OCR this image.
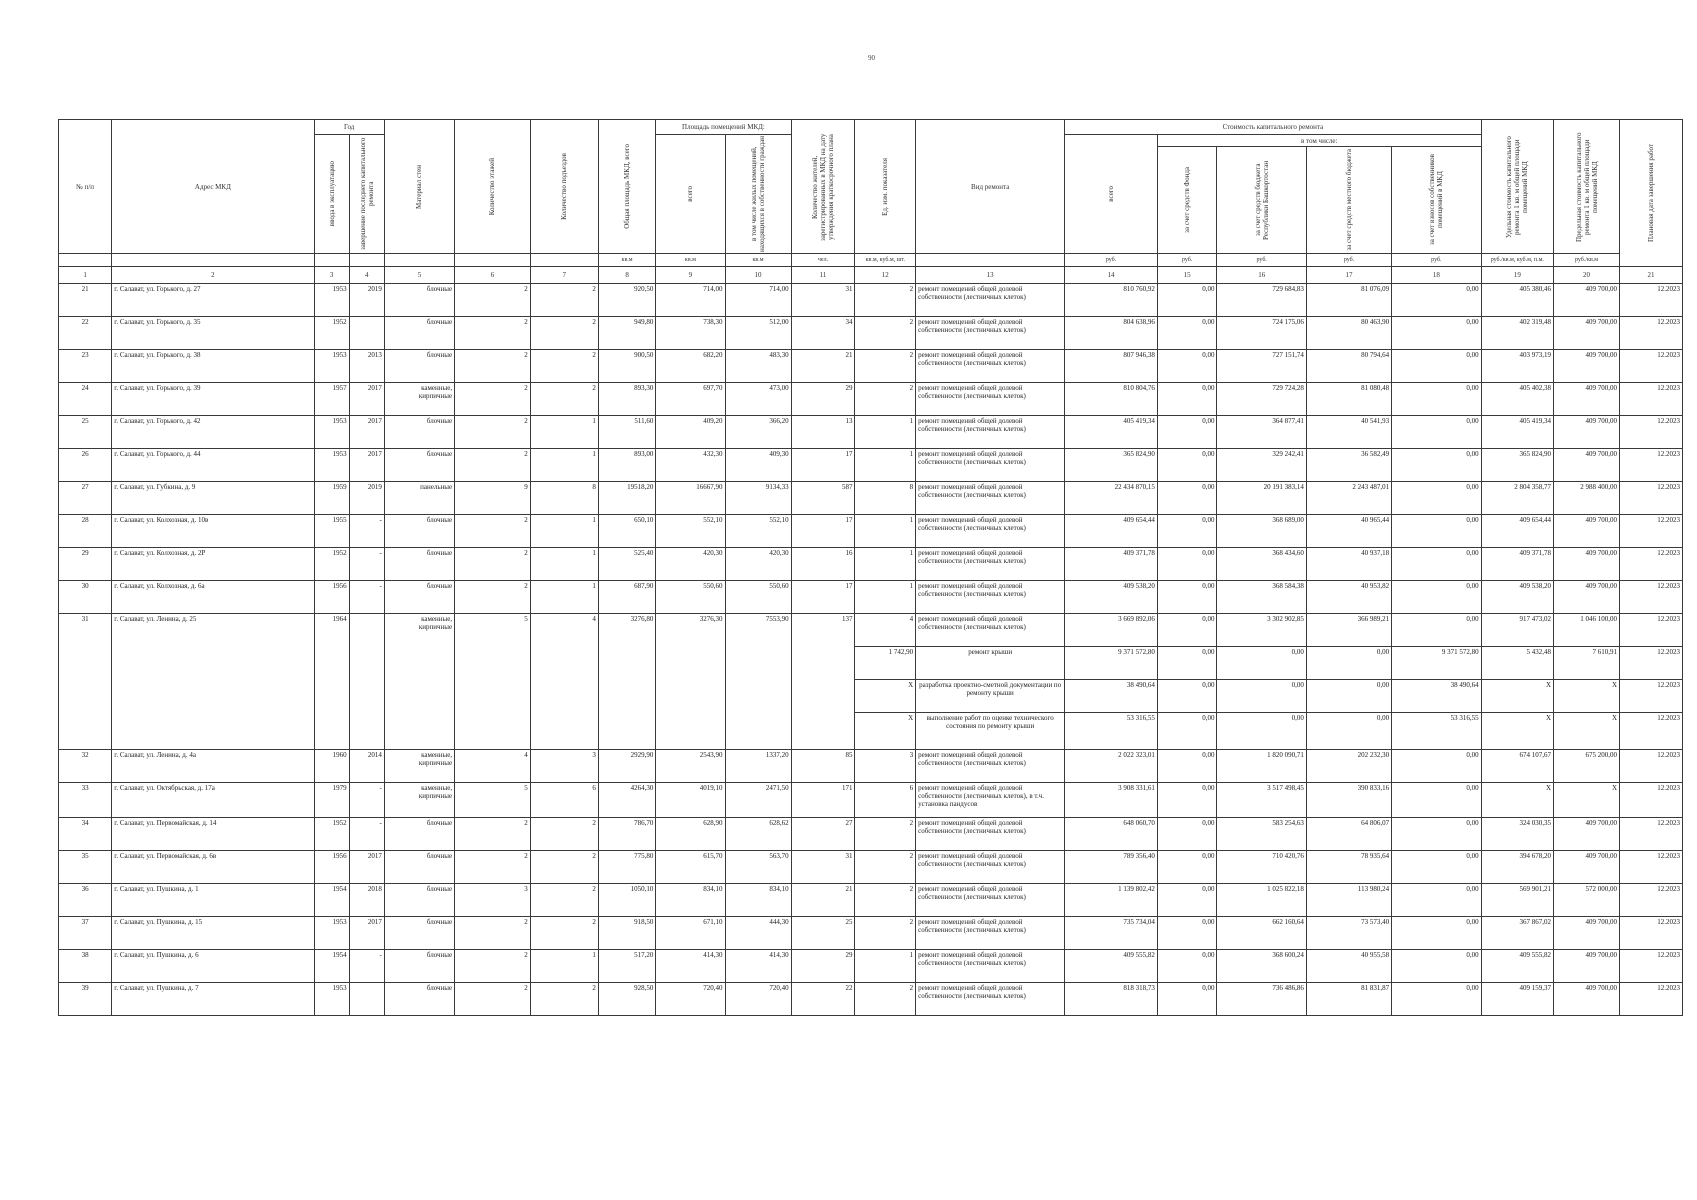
90
№ п/п	Адрес МКД	Год		Материал стен	Количество этажей	Количество подъездов	Общая площадь МКД, всего	Площадь помещений МКД:		Количество жителей, зарегистрированных в МКД на дату утверждения краткосрочного плана	Ед. изм. показателя	Вид ремонта	Стоимость капитального ремонта					Удельная стоимость капитального ремонта 1 кв. м общей площади помещений МКД	Предельная стоимость капитального ремонта 1 кв. м общей площади помещений МКД	Плановая дата завершения работ

		ввода в эксплуатацию	завершение последнего капитального ремонта					всего	в том числе жилых помещений, находящихся в собственности граждан				всего	в том числе:						

														за счет средств Фонда	за счет средств бюджета Республики Башкортостан	за счет средств местного бюджета	за счет взносов собственников помещений в МКД			

							кв.м	кв.м	кв.м	чел.	кв.м, куб.м, шт.		руб.	руб.	руб.	руб.	руб.	руб./кв.м, куб.м, п.м.	руб./кв.м	
1	2	3	4	5	6	7	8	9	10	11	12	13	14	15	16	17	18	19	20	21
21	г. Салават, ул. Горького, д. 27	1953	2019	блочные	2	2	920,50	714,00	714,00	31	2	ремонт помещений общей долевой собственности (лестничных клеток)	810 760,92	0,00	729 684,83	81 076,09	0,00	405 380,46	409 700,00	12.2023
22	г. Салават, ул. Горького, д. 35	1952		блочные	2	2	949,80	738,30	512,00	34	2	ремонт помещений общей долевой собственности (лестничных клеток)	804 638,96	0,00	724 175,06	80 463,90	0,00	402 319,48	409 700,00	12.2023
23	г. Салават, ул. Горького, д. 38	1953	2013	блочные	2	2	900,50	682,20	483,30	21	2	ремонт помещений общей долевой собственности (лестничных клеток)	807 946,38	0,00	727 151,74	80 794,64	0,00	403 973,19	409 700,00	12.2023
24	г. Салават, ул. Горького, д. 39	1957	2017	каменные, кирпичные	2	2	893,30	697,70	473,00	29	2	ремонт помещений общей долевой собственности (лестничных клеток)	810 804,76	0,00	729 724,28	81 080,48	0,00	405 402,38	409 700,00	12.2023
25	г. Салават, ул. Горького, д. 42	1953	2017	блочные	2	1	511,60	409,20	366,20	13	1	ремонт помещений общей долевой собственности (лестничных клеток)	405 419,34	0,00	364 877,41	40 541,93	0,00	405 419,34	409 700,00	12.2023
26	г. Салават, ул. Горького, д. 44	1953	2017	блочные	2	1	893,00	432,30	409,30	17	1	ремонт помещений общей долевой собственности (лестничных клеток)	365 824,90	0,00	329 242,41	36 582,49	0,00	365 824,90	409 700,00	12.2023
27	г. Салават, ул. Губкина, д. 9	1959	2019	панельные	9	8	19518,20	16667,90	9134,33	587	8	ремонт помещений общей долевой собственности (лестничных клеток)	22 434 870,15	0,00	20 191 383,14	2 243 487,01	0,00	2 804 358,77	2 988 400,00	12.2023
28	г. Салават, ул. Колхозная, д. 10в	1955	-	блочные	2	1	650,10	552,10	552,10	17	1	ремонт помещений общей долевой собственности (лестничных клеток)	409 654,44	0,00	368 689,00	40 965,44	0,00	409 654,44	409 700,00	12.2023
29	г. Салават, ул. Колхозная, д. 2Р	1952	-	блочные	2	1	525,40	420,30	420,30	16	1	ремонт помещений общей долевой собственности (лестничных клеток)	409 371,78	0,00	368 434,60	40 937,18	0,00	409 371,78	409 700,00	12.2023
30	г. Салават, ул. Колхозная, д. 6а	1956	-	блочные	2	1	687,90	550,60	550,60	17	1	ремонт помещений общей долевой собственности (лестничных клеток)	409 538,20	0,00	368 584,38	40 953,82	0,00	409 538,20	409 700,00	12.2023
31	г. Салават, ул. Ленина, д. 25	1964		каменные, кирпичные	5	4	3276,80	3276,30	7553,90	137	4	ремонт помещений общей долевой собственности (лестничных клеток)	3 669 892,06	0,00	3 302 902,85	366 989,21	0,00	917 473,02	1 046 100,00	12.2023
											1 742,90	ремонт крыши	9 371 572,80	0,00	0,00	0,00	9 371 572,80	5 432,48	7 610,91	12.2023
											X	разработка проектно-сметной документации по ремонту крыши	38 490,64	0,00	0,00	0,00	38 490,64	X	X	12.2023
											X	выполнение работ по оценке технического состояния по ремонту крыши	53 316,55	0,00	0,00	0,00	53 316,55	X	X	12.2023
32	г. Салават, ул. Ленина, д. 4а	1960	2014	каменные, кирпичные	4	3	2929,90	2543,90	1337,20	85	3	ремонт помещений общей долевой собственности (лестничных клеток)	2 022 323,01	0,00	1 820 090,71	202 232,30	0,00	674 107,67	675 200,00	12.2023
33	г. Салават, ул. Октябрьская, д. 17а	1979	-	каменные, кирпичные	5	6	4264,30	4019,10	2471,50	171	6	ремонт помещений общей долевой собственности (лестничных клеток), в т.ч. установка пандусов	3 908 331,61	0,00	3 517 498,45	390 833,16	0,00	X	X	12.2023
34	г. Салават, ул. Первомайская, д. 14	1952	-	блочные	2	2	786,70	628,90	628,62	27	2	ремонт помещений общей долевой собственности (лестничных клеток)	648 060,70	0,00	583 254,63	64 806,07	0,00	324 030,35	409 700,00	12.2023
35	г. Салават, ул. Первомайская, д. 6в	1956	2017	блочные	2	2	775,80	615,70	563,70	31	2	ремонт помещений общей долевой собственности (лестничных клеток)	789 356,40	0,00	710 420,76	78 935,64	0,00	394 678,20	409 700,00	12.2023
36	г. Салават, ул. Пушкина, д. 1	1954	2018	блочные	3	2	1050,10	834,10	834,10	21	2	ремонт помещений общей долевой собственности (лестничных клеток)	1 139 802,42	0,00	1 025 822,18	113 980,24	0,00	569 901,21	572 000,00	12.2023
37	г. Салават, ул. Пушкина, д. 15	1953	2017	блочные	2	2	918,50	671,10	444,30	25	2	ремонт помещений общей долевой собственности (лестничных клеток)	735 734,04	0,00	662 160,64	73 573,40	0,00	367 867,02	409 700,00	12.2023
38	г. Салават, ул. Пушкина, д. 6	1954	-	блочные	2	1	517,20	414,30	414,30	29	1	ремонт помещений общей долевой собственности (лестничных клеток)	409 555,82	0,00	368 600,24	40 955,58	0,00	409 555,82	409 700,00	12.2023
39	г. Салават, ул. Пушкина, д. 7	1953		блочные	2	2	928,50	720,40	720,40	22	2	ремонт помещений общей долевой собственности (лестничных клеток)	818 318,73	0,00	736 486,86	81 831,87	0,00	409 159,37	409 700,00	12.2023
